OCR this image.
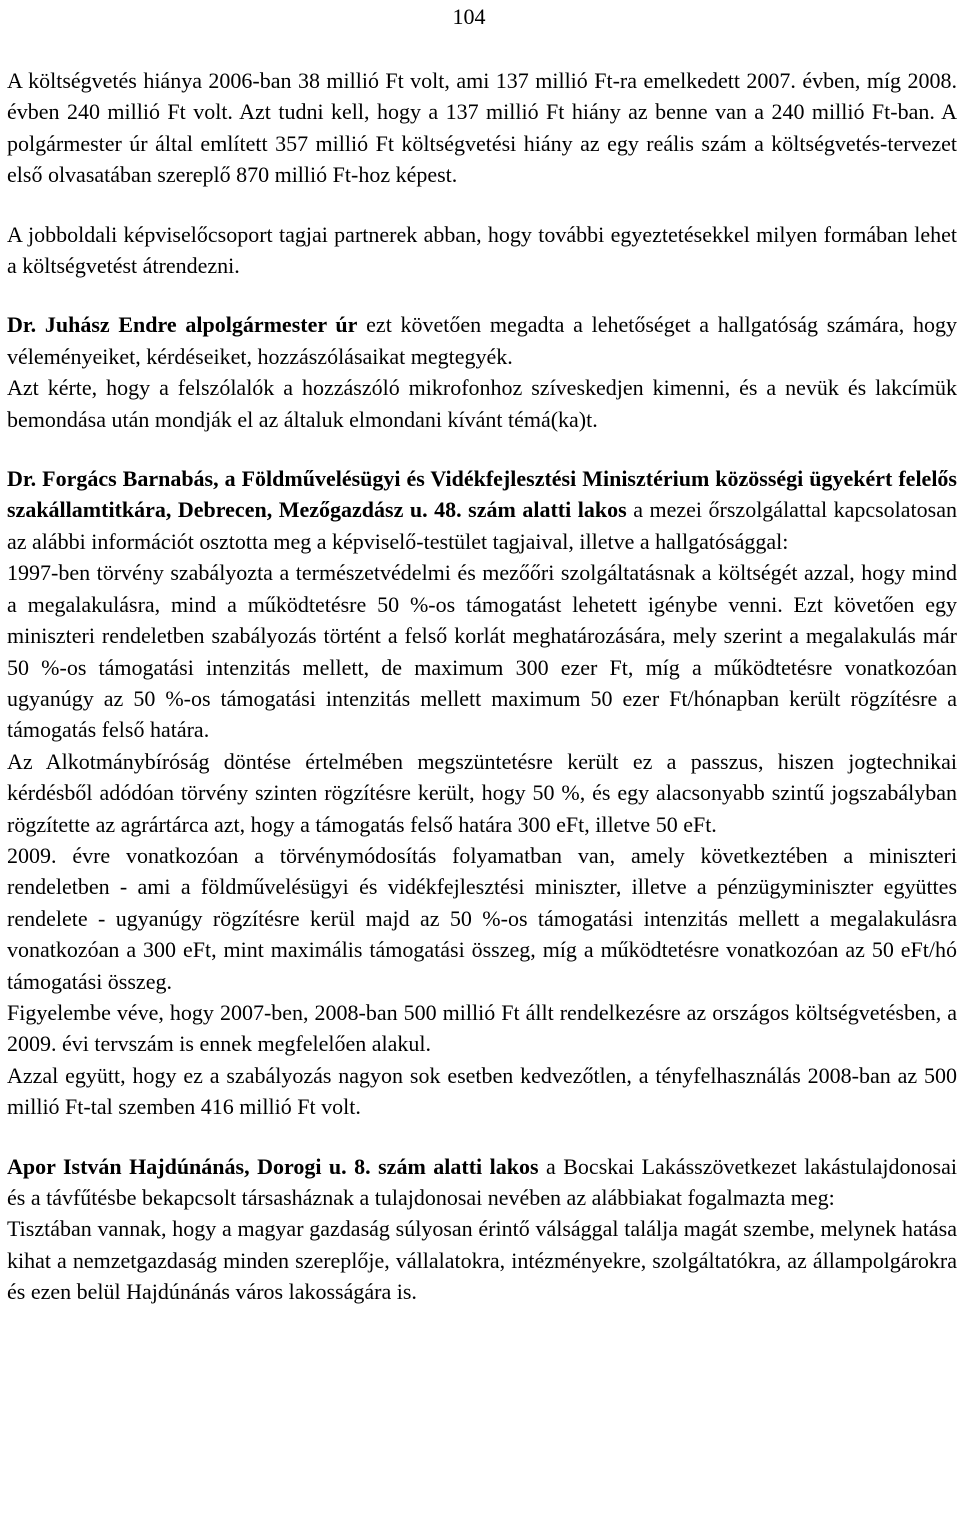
104

A költségvetés hiánya 2006-ban 38 millió Ft volt, ami 137 millió Ft-ra emelkedett 2007. évben, míg 2008. évben 240 millió Ft volt. Azt tudni kell, hogy a 137 millió Ft hiány az benne van a 240 millió Ft-ban. A polgármester úr által említett 357 millió Ft költségvetési hiány az egy reális szám a költségvetés-tervezet első olvasatában szereplő 870 millió Ft-hoz képest.

A jobboldali képviselőcsoport tagjai partnerek abban, hogy további egyeztetésekkel milyen formában lehet a költségvetést átrendezni.

Dr. Juhász Endre alpolgármester úr ezt követően megadta a lehetőséget a hallgatóság számára, hogy véleményeiket, kérdéseiket, hozzászólásaikat megtegyék.

Azt kérte, hogy a felszólalók a hozzászóló mikrofonhoz szíveskedjen kimenni, és a nevük és lakcímük bemondása után mondják el az általuk elmondani kívánt témá(ka)t.

Dr. Forgács Barnabás, a Földművelésügyi és Vidékfejlesztési Minisztérium közösségi ügyekért felelős szakállamtitkára, Debrecen, Mezőgazdász u. 48. szám alatti lakos a mezei őrszolgálattal kapcsolatosan az alábbi információt osztotta meg a képviselő-testület tagjaival, illetve a hallgatósággal:

1997-ben törvény szabályozta a természetvédelmi és mezőőri szolgáltatásnak a költségét azzal, hogy mind a megalakulásra, mind a működtetésre 50 %-os támogatást lehetett igénybe venni. Ezt követően egy miniszteri rendeletben szabályozás történt a felső korlát meghatározására, mely szerint a megalakulás már 50 %-os támogatási intenzitás mellett, de maximum 300 ezer Ft, míg a működtetésre vonatkozóan ugyanúgy az 50 %-os támogatási intenzitás mellett maximum 50 ezer Ft/hónapban került rögzítésre a támogatás felső határa.

Az Alkotmánybíróság döntése értelmében megszüntetésre került ez a passzus, hiszen jogtechnikai kérdésből adódóan törvény szinten rögzítésre került, hogy 50 %, és egy alacsonyabb szintű jogszabályban rögzítette az agrártárca azt, hogy a támogatás felső határa 300 eFt, illetve 50 eFt.

2009. évre vonatkozóan a törvénymódosítás folyamatban van, amely következtében a miniszteri rendeletben - ami a földművelésügyi és vidékfejlesztési miniszter, illetve a pénzügyminiszter együttes rendelete - ugyanúgy rögzítésre kerül majd az 50 %-os támogatási intenzitás mellett a megalakulásra vonatkozóan a 300 eFt, mint maximális támogatási összeg, míg a működtetésre vonatkozóan az 50 eFt/hó támogatási összeg.

Figyelembe véve, hogy 2007-ben, 2008-ban 500 millió Ft állt rendelkezésre az országos költségvetésben, a 2009. évi tervszám is ennek megfelelően alakul.

Azzal együtt, hogy ez a szabályozás nagyon sok esetben kedvezőtlen, a tényfelhasználás 2008-ban az 500 millió Ft-tal szemben 416 millió Ft volt.

Apor István Hajdúnánás, Dorogi u. 8. szám alatti lakos a Bocskai Lakásszövetkezet lakástulajdonosai és a távfűtésbe bekapcsolt társasháznak a tulajdonosai nevében az alábbiakat fogalmazta meg:

Tisztában vannak, hogy a magyar gazdaság súlyosan érintő válsággal találja magát szembe, melynek hatása kihat a nemzetgazdaság minden szereplője, vállalatokra, intézményekre, szolgáltatókra, az állampolgárokra és ezen belül Hajdúnánás város lakosságára is.
